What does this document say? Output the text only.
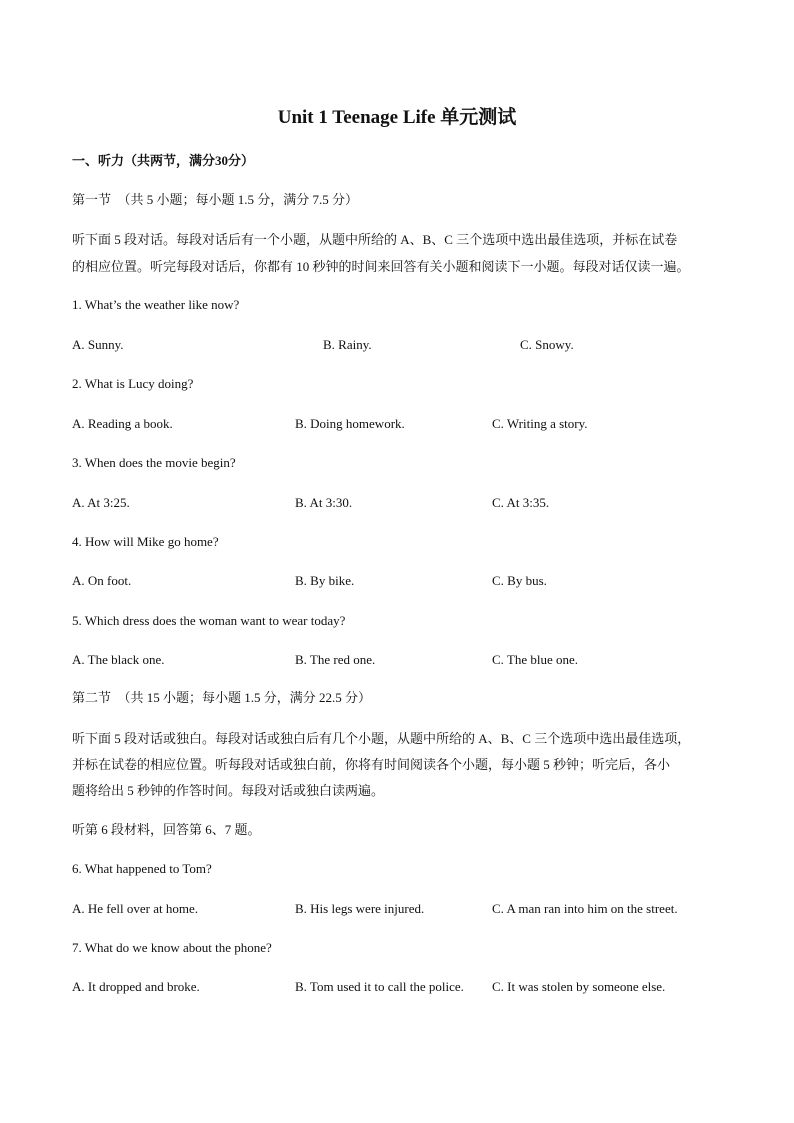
Unit 1 Teenage Life 单元测试
一、听力（共两节，满分30分）
第一节　（共 5 小题；每小题 1.5 分，满分 7.5 分）
听下面 5 段对话。每段对话后有一个小题，从题中所给的 A、B、C 三个选项中选出最佳选项，并标在试卷
的相应位置。听完每段对话后，你都有 10 秒钟的时间来回答有关小题和阅读下一小题。每段对话仅读一遍。
1. What’s the weather like now?
A. Sunny.	B. Rainy.	C. Snowy.
2. What is Lucy doing?
A. Reading a book.	B. Doing homework.	C. Writing a story.
3. When does the movie begin?
A. At 3:25.	B. At 3:30.	C. At 3:35.
4. How will Mike go home?
A. On foot.	B. By bike.	C. By bus.
5. Which dress does the woman want to wear today?
A. The black one.	B. The red one.	C. The blue one.
第二节　（共 15 小题；每小题 1.5 分，满分 22.5 分）
听下面 5 段对话或独白。每段对话或独白后有几个小题，从题中所给的 A、B、C 三个选项中选出最佳选项，
并标在试卷的相应位置。听每段对话或独白前，你将有时间阅读各个小题，每小题 5 秒钟；听完后，各小
题将给出 5 秒钟的作答时间。每段对话或独白读两遍。
听第 6 段材料，回答第 6、7 题。
6. What happened to Tom?
A. He fell over at home.	B. His legs were injured.	C. A man ran into him on the street.
7. What do we know about the phone?
A. It dropped and broke.	B. Tom used it to call the police. C. It was stolen by someone else.
